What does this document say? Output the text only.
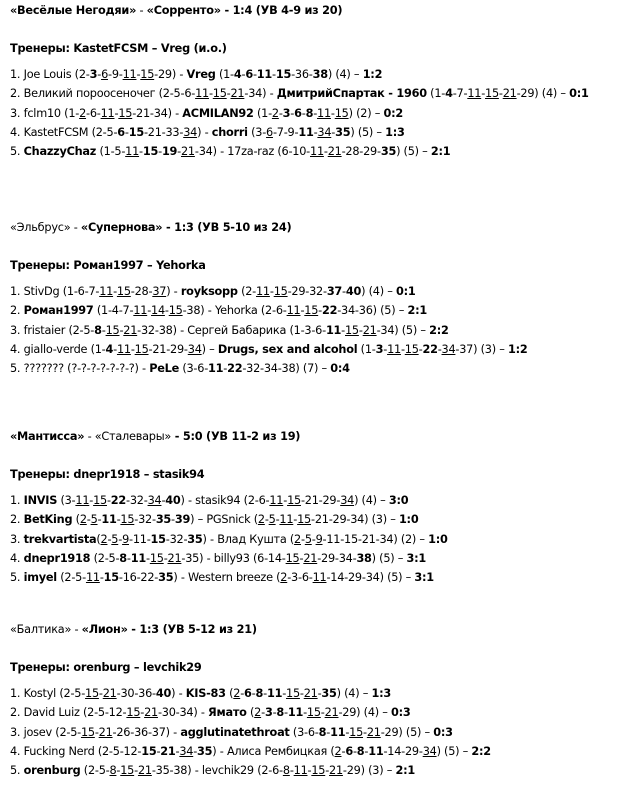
«Весёлые Негодяи» - «Сорренто» - 1:4 (УВ 4-9 из 20)
Тренеры: KastetFCSM – Vreg (и.о.)
1. Joe Louis (2-3-6-9-11-15-29) - Vreg (1-4-6-11-15-36-38) (4) – 1:2
2. Великий пороосеночег (2-5-6-11-15-21-34) - ДмитрийСпартак - 1960 (1-4-7-11-15-21-29) (4) – 0:1
3. fclm10 (1-2-6-11-15-21-34) - ACMILAN92 (1-2-3-6-8-11-15) (2) – 0:2
4. KastetFCSM (2-5-6-15-21-33-34) - chorri (3-6-7-9-11-34-35) (5) – 1:3
5. ChazzyChaz (1-5-11-15-19-21-34) - 17za-raz (6-10-11-21-28-29-35) (5) – 2:1
«Эльбрус» - «Супернова» - 1:3 (УВ 5-10 из 24)
Тренеры: Роман1997 – Yehorka
1. StivDg (1-6-7-11-15-28-37) - royksopp (2-11-15-29-32-37-40) (4) – 0:1
2. Роман1997 (1-4-7-11-14-15-38) - Yehorka (2-6-11-15-22-34-36) (5) – 2:1
3. fristaier (2-5-8-15-21-32-38) - Сергей Бабарика (1-3-6-11-15-21-34) (5) – 2:2
4. giallo-verde (1-4-11-15-21-29-34) – Drugs, sex and alcohol (1-3-11-15-22-34-37) (3) – 1:2
5. ??????? (?-?-?-?-?-?-?) - PeLe (3-6-11-22-32-34-38) (7) – 0:4
«Мантисса» - «Сталевары» - 5:0 (УВ 11-2 из 19)
Тренеры: dnepr1918 – stasik94
1. INVIS (3-11-15-22-32-34-40) - stasik94 (2-6-11-15-21-29-34) (4) – 3:0
2. BetKing (2-5-11-15-32-35-39) – PGSnick (2-5-11-15-21-29-34) (3) – 1:0
3. trekvartista(2-5-9-11-15-32-35) - Влад Кушта (2-5-9-11-15-21-34) (2) – 1:0
4. dnepr1918 (2-5-8-11-15-21-35) - billy93 (6-14-15-21-29-34-38) (5) – 3:1
5. imyel (2-5-11-15-16-22-35) - Western breeze (2-3-6-11-14-29-34) (5) – 3:1
«Балтика» - «Лион» - 1:3 (УВ 5-12 из 21)
Тренеры: orenburg – levchik29
1. Kostyl (2-5-15-21-30-36-40) - KIS-83 (2-6-8-11-15-21-35) (4) – 1:3
2. David Luiz (2-5-12-15-21-30-34) - Ямато (2-3-8-11-15-21-29) (4) – 0:3
3. josev (2-5-15-21-26-36-37) - agglutinatethroat (3-6-8-11-15-21-29) (5) – 0:3
4. Fucking Nerd (2-5-12-15-21-34-35) - Алиса Рембицкая (2-6-8-11-14-29-34) (5) – 2:2
5. orenburg (2-5-8-15-21-35-38) - levchik29 (2-6-8-11-15-21-29) (3) – 2:1
